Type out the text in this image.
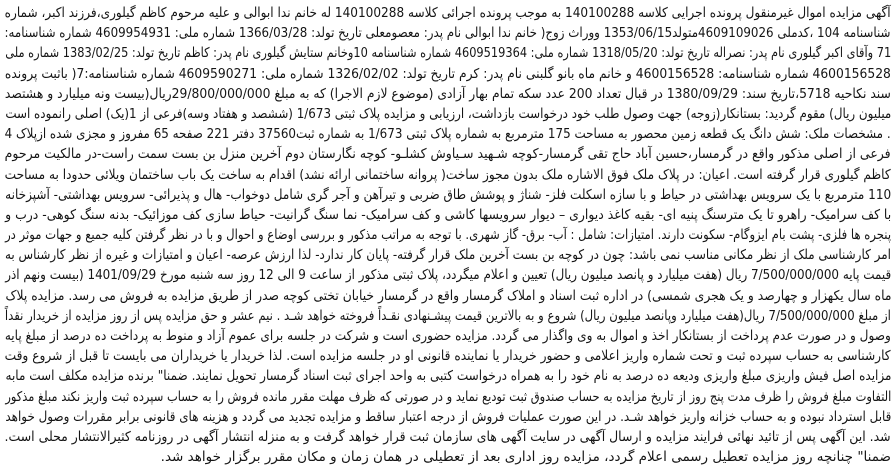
آگهی مزایده اموال غیرمنقول پرونده اجرایی کلاسه 140100288 به موجب پرونده اجرائی کلاسه 140100288 له خانم ندا ابوالی و علیه مرحوم کاظم گیلوری،فرزند اکبر، شماره
شناسنامه 104 ،کدملی 4609109026متولد1353/06/15 ووراث زوج( خانم ندا ابوالی نام پدر: معصومعلی تاریخ تولد: 1366/03/28 شماره ملی: 4609954931 شماره شناسنامه:
71 وآقای اکبر گیلوری نام پدر: نصراله تاریخ تولد: 1318/05/20 شماره ملی: 4609519364 شماره شناسنامه 10وخانم ستایش گیلوری نام پدر: کاظم تاریخ تولد: 1383/02/25 شماره ملی
4600156528 شماره شناسنامه: 4600156528 و خانم ماه بانو گلبنی نام پدر: کرم تاریخ تولد: 1326/02/02 شماره ملی: 4609590271 شماره شناسنامه:7( باثبت پرونده
سند نکاحیه 5718،تاریخ سند: 1380/09/29 در قبال تعداد 200 عدد سکه تمام بهار آزادی (موضوع لازم الاجرا) که به مبلغ 29/800/000/000ریال(بیست ونه میلیارد و هشتصد
میلیون ریال) مقوم گردید: بستانکار(زوجه) جهت وصول طلب خود درخواست بازداشت، ارزیابی و مزایده پلاک ثبتی 1/673 (ششصد و هفتاد وسه)فرعی از 1(یک) اصلی رانموده است
. مشخصات ملک: شش دانگ یک قطعه زمین محصور به مساحت 175 مترمربع به شماره پلاک ثبتی 1/673 به شماره ثبت37560 دفتر 221 صفحه 65 مفروز و مجزی شده ازپلاک 4
فرعی از اصلی مذکور واقع در گرمسار،حسین آباد حاج تقی گرمسار-کوچه شـهید سـیاوش کشلـو- کوچه نگارستان دوم آخرین منزل بن بست سمت راست-در مالکیت مرحوم
کاظم گیلوری قرار گرفته است. اعیان: در پلاک ملک فوق الاشاره ملک بدون مجوز ساخت( پروانه ساختمانی ارائه نشد) اقدام به ساخت یک باب ساختمان ویلائی حدودا به مساحت
110 مترمربع با یک سرویس بهداشتی در حیاط و با سازه اسکلت فلز- شناژ و پوشش طاق ضربی و تیرآهن و آجر گری شامل دوخواب- هال و پذیرائی- سرویس بهداشتی- آشپزخانه
با کف سرامیک- راهرو تا یک مترسنگ پنیه ای- بقیه کاغذ دیواری – دیوار سرویسها کاشی و کف سرامیک- نما سنگ گرانیت- حیاط سازی کف موزائیک- بدنه سنگ کوهی- درب و
پنجره ها فلزی- پشت بام ایزوگام- سکونت دارند. امتیازات: شامل : آب- برق- گاز شهری. با توجه به مراتب مذکور و بررسی اوضاع و احوال و با در نظر گرفتن کلیه جمیع و جهات موثر در
امر کارشناسی ملک از نظر مکانی مناسب نمی باشد: چون در کوچه بن بست آخرین ملک قرار گرفته- پایان کار ندارد- لذا ارزش عرصه- اعیان و امتیازات و غیره از نظر کارشناس به
قیمت پایه 7/500/000/000 ریال (هفت میلیارد و پانصد میلیون ریال) تعیین و اعلام میگردد، پلاک ثبتی مذکور از ساعت 9 الی 12 روز سه شنبه مورخ 1401/09/29 (بیست ونهم اذر
ماه سال یکهزار و چهارصد و یک هجری شمسی) در اداره ثبت اسناد و املاک گرمسار واقع در گرمسار خیابان تختی کوچه صدر از طریق مزایده به فروش می رسد. مزایده پلاک
از مبلغ 7/500/000/000 ریال(هفت میلیارد وپانصد میلیون ریال) شروع و به بالاترین قیمت پیشـنهادی نقـداً فروخته خواهد شـد . نیم عشر و حق مزایده پس از روز مزایده از خریدار نقداً
وصول و در صورت عدم پرداخت از بستانکار اخذ و اموال به وی واگذار می گردد. مزایده حضوری است و شرکت در جلسه برای عموم آزاد و منوط به پرداخت ده درصد از مبلغ پایه
کارشناسی به حساب سپرده ثبت و تحت شماره واریز اعلامی و حضور خریدار یا نماینده قانونی او در جلسه مزایده است. لذا خریدار یا خریداران می بایست تا قبل از شروع وقت
مزایده اصل فیش واریزی مبلغ واریزی ودیعه ده درصد به نام خود را به همراه درخواست کتبی به واحد اجرای ثبت اسناد گرمسار تحویل نمایند. ضمنا" برنده مزایده مکلف است مابه
التفاوت مبلغ فروش را ظرف مدت پنج روز از تاریخ مزایده به حساب صندوق ثبت تودیع نماید و در صورتی که ظرف مهلت مقرر مانده فروش را به حساب سپرده ثبت واریز نکند مبلغ مذکور
قابل استرداد نبوده و به حساب خزانه واریز خواهد شـد. در این صورت عملیات فروش از درجه اعتبار ساقط و مزایده تجدید می گردد و هزینه های قانونی برابر مقررات وصول خواهد
شد. این آگهی پس از تائید نهائی فرایند مزایده و ارسال آگهی در سایت آگهی های سازمان ثبت قرار خواهد گرفت و به منزله انتشار آگهی در روزنامه کثیرالانتشار محلی است.
ضمنا" چنانچه روز مزایده تعطیل رسمی اعلام گردد، مزایده روز اداری بعد از تعطیلی در همان زمان و مکان مقرر برگزار خواهد شد.
